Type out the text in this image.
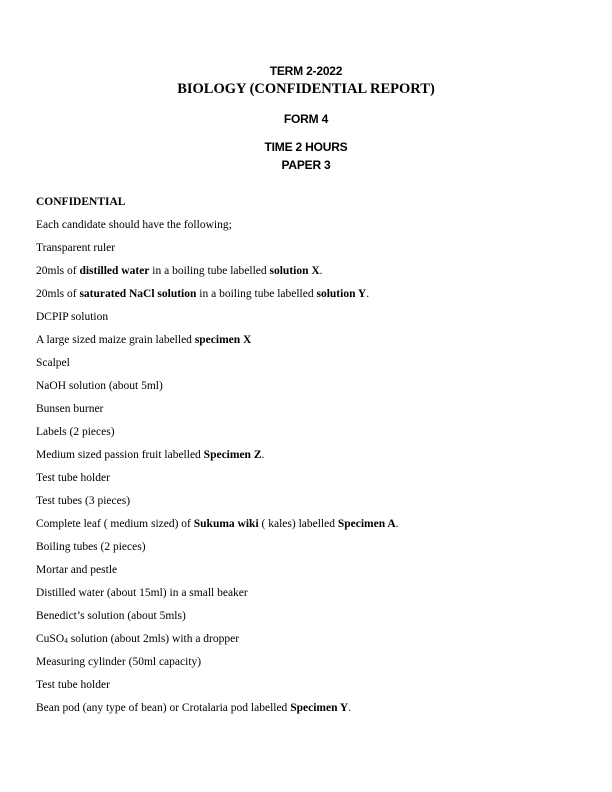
TERM 2-2022
BIOLOGY (CONFIDENTIAL REPORT)
FORM 4
TIME 2 HOURS
PAPER 3
CONFIDENTIAL
Each candidate should have the following;
Transparent ruler
20mls of distilled water in a boiling tube labelled solution X.
20mls of saturated NaCl solution in a boiling tube labelled solution Y.
DCPIP solution
A large sized maize grain labelled specimen X
Scalpel
NaOH solution (about 5ml)
Bunsen burner
Labels (2 pieces)
Medium sized passion fruit labelled Specimen Z.
Test tube holder
Test tubes (3 pieces)
Complete leaf ( medium sized) of Sukuma wiki ( kales) labelled Specimen A.
Boiling tubes (2 pieces)
Mortar and pestle
Distilled water (about 15ml) in a small beaker
Benedict’s solution (about 5mls)
CuSO$_4$ solution (about 2mls) with a dropper
Measuring cylinder (50ml capacity)
Test tube holder
Bean pod (any type of bean) or Crotalaria pod labelled Specimen Y.
